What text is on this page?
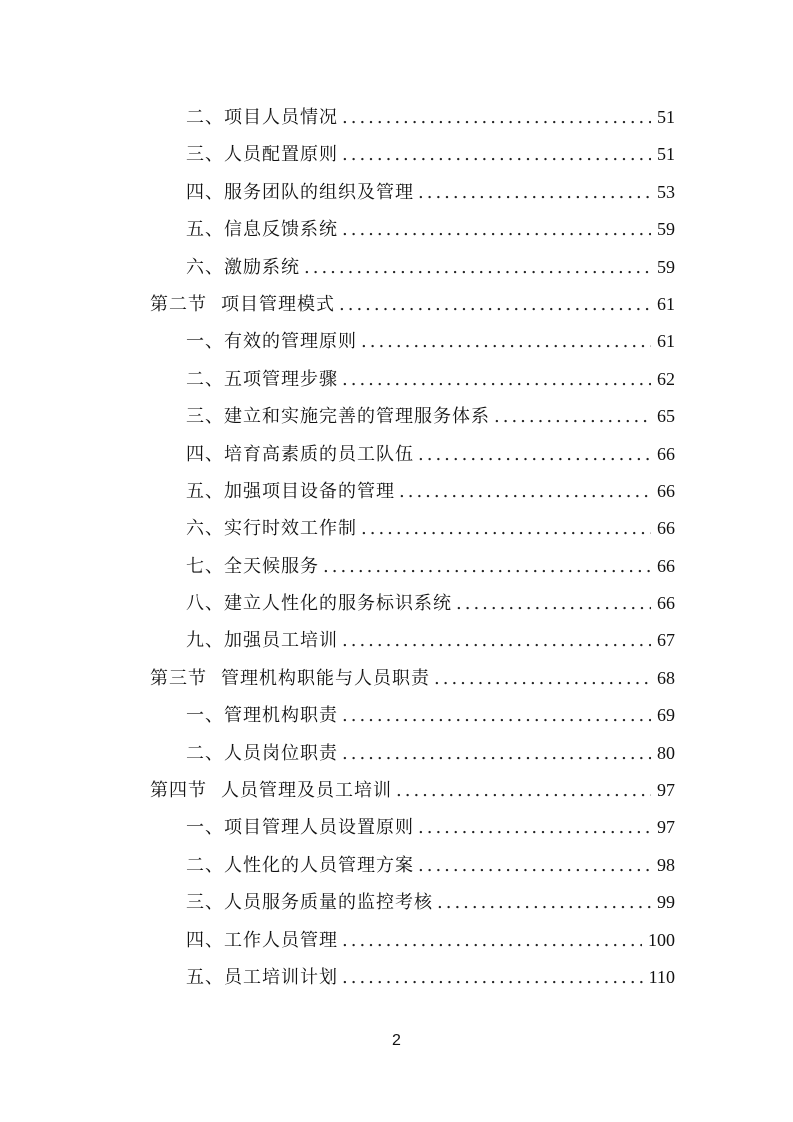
二、项目人员情况 .....	51
三、人员配置原则 .....	51
四、服务团队的组织及管理 .....	53
五、信息反馈系统 .....	59
六、激励系统 .....	59
第二节 项目管理模式 .....	61
一、有效的管理原则 .....	61
二、五项管理步骤 .....	62
三、建立和实施完善的管理服务体系 .....	65
四、培育高素质的员工队伍 .....	66
五、加强项目设备的管理 .....	66
六、实行时效工作制 .....	66
七、全天候服务 .....	66
八、建立人性化的服务标识系统 .....	66
九、加强员工培训 .....	67
第三节 管理机构职能与人员职责 .....	68
一、管理机构职责 .....	69
二、人员岗位职责 .....	80
第四节 人员管理及员工培训 .....	97
一、项目管理人员设置原则 .....	97
二、人性化的人员管理方案 .....	98
三、人员服务质量的监控考核 .....	99
四、工作人员管理 .....	100
五、员工培训计划 .....	110
2
